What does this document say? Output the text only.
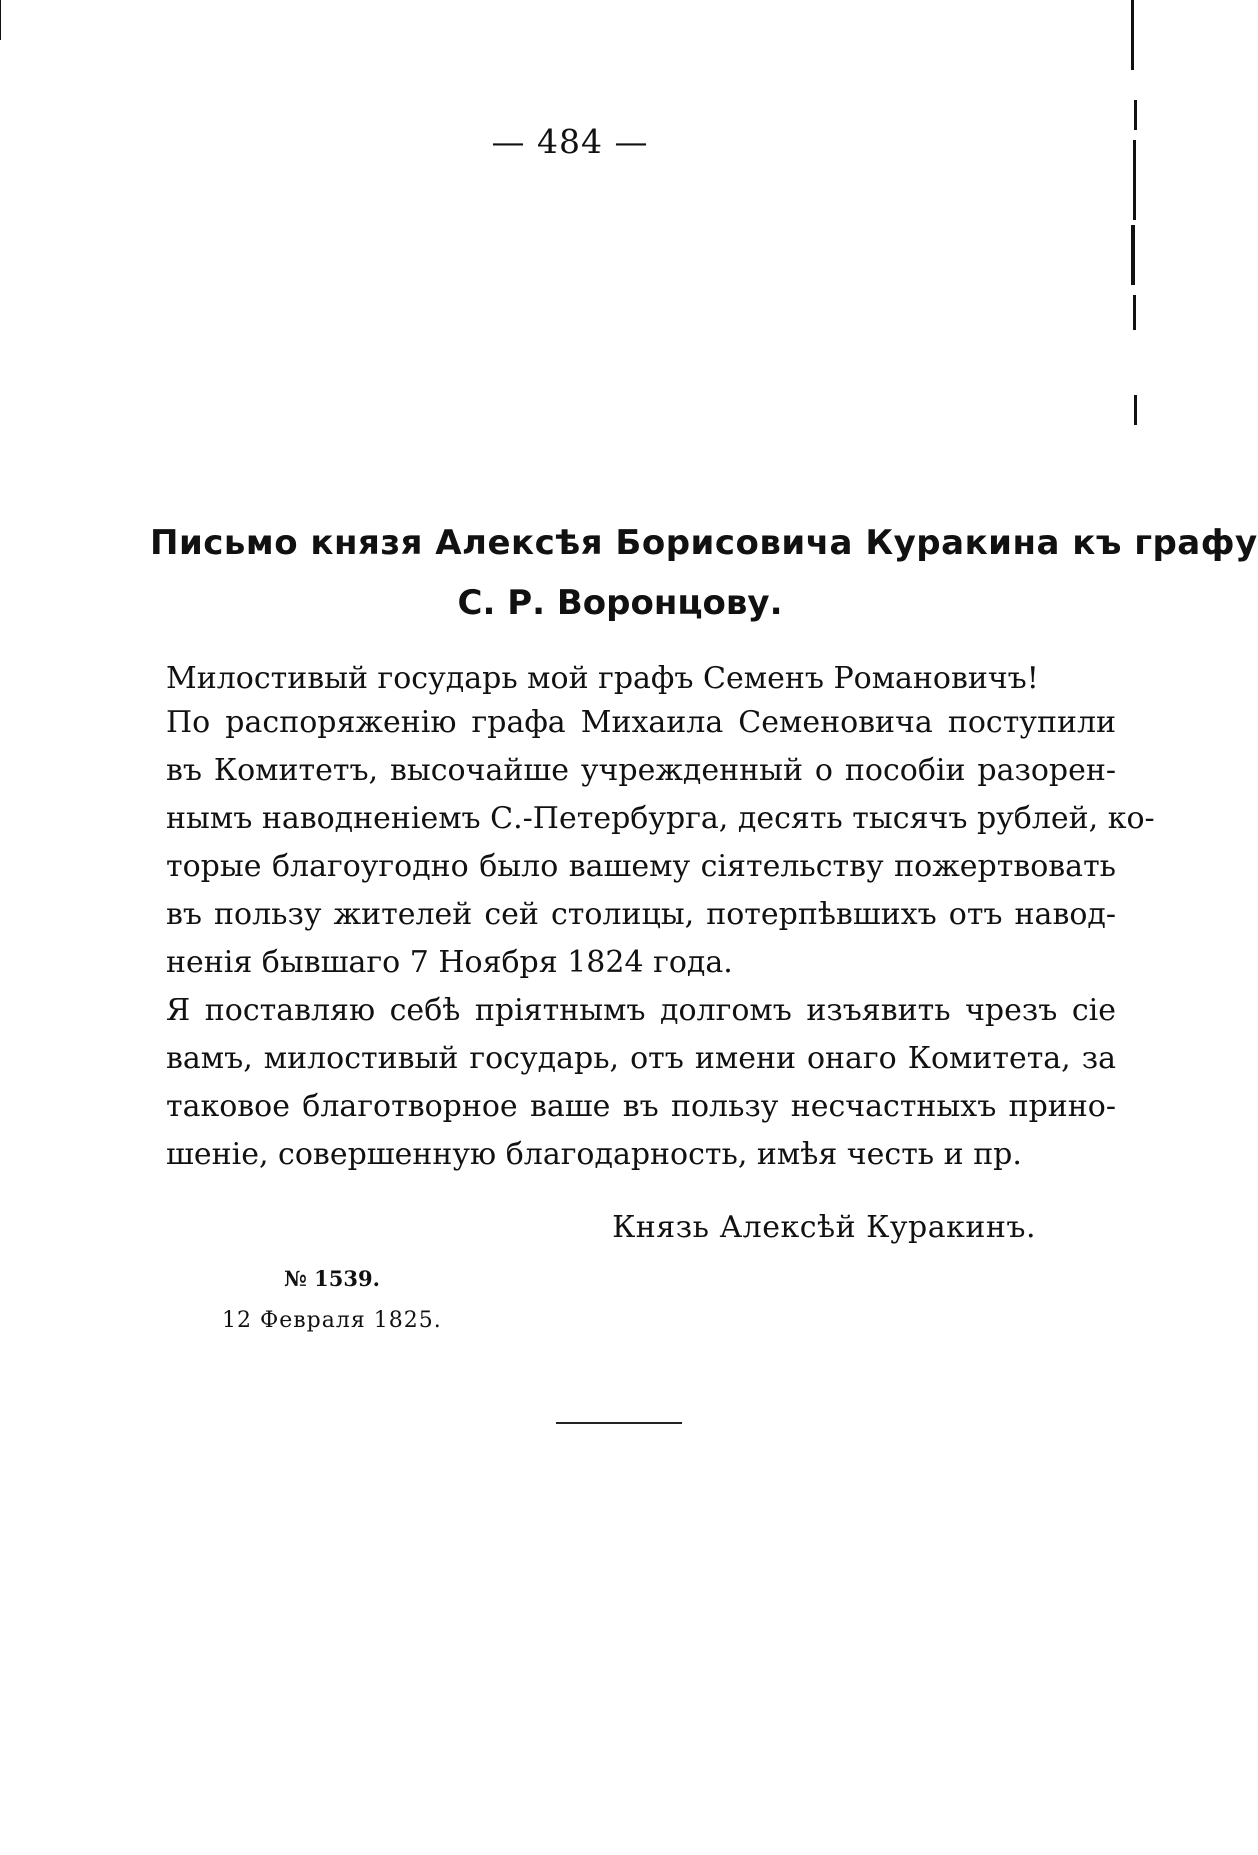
— 484 —
Письмо князя Алексѣя Борисовича Куракина къ графу
С. Р. Воронцову.
Милостивый государь мой графъ Семенъ Романовичъ!
По распоряженію графа Михаила Семеновича поступили
въ Комитетъ, высочайше учрежденный о пособіи разорен-
нымъ наводненіемъ С.-Петербурга, десять тысячъ рублей, ко-
торые благоугодно было вашему сіятельству пожертвовать
въ пользу жителей сей столицы, потерпѣвшихъ отъ навод-
ненія бывшаго 7 Ноября 1824 года.
Я поставляю себѣ пріятнымъ долгомъ изъявить чрезъ сіе
вамъ, милостивый государь, отъ имени онаго Комитета, за
таковое благотворное ваше въ пользу несчастныхъ прино-
шеніе, совершенную благодарность, имѣя честь и пр.
Князь Алексѣй Куракинъ.
№ 1539.
12 Февраля 1825.
